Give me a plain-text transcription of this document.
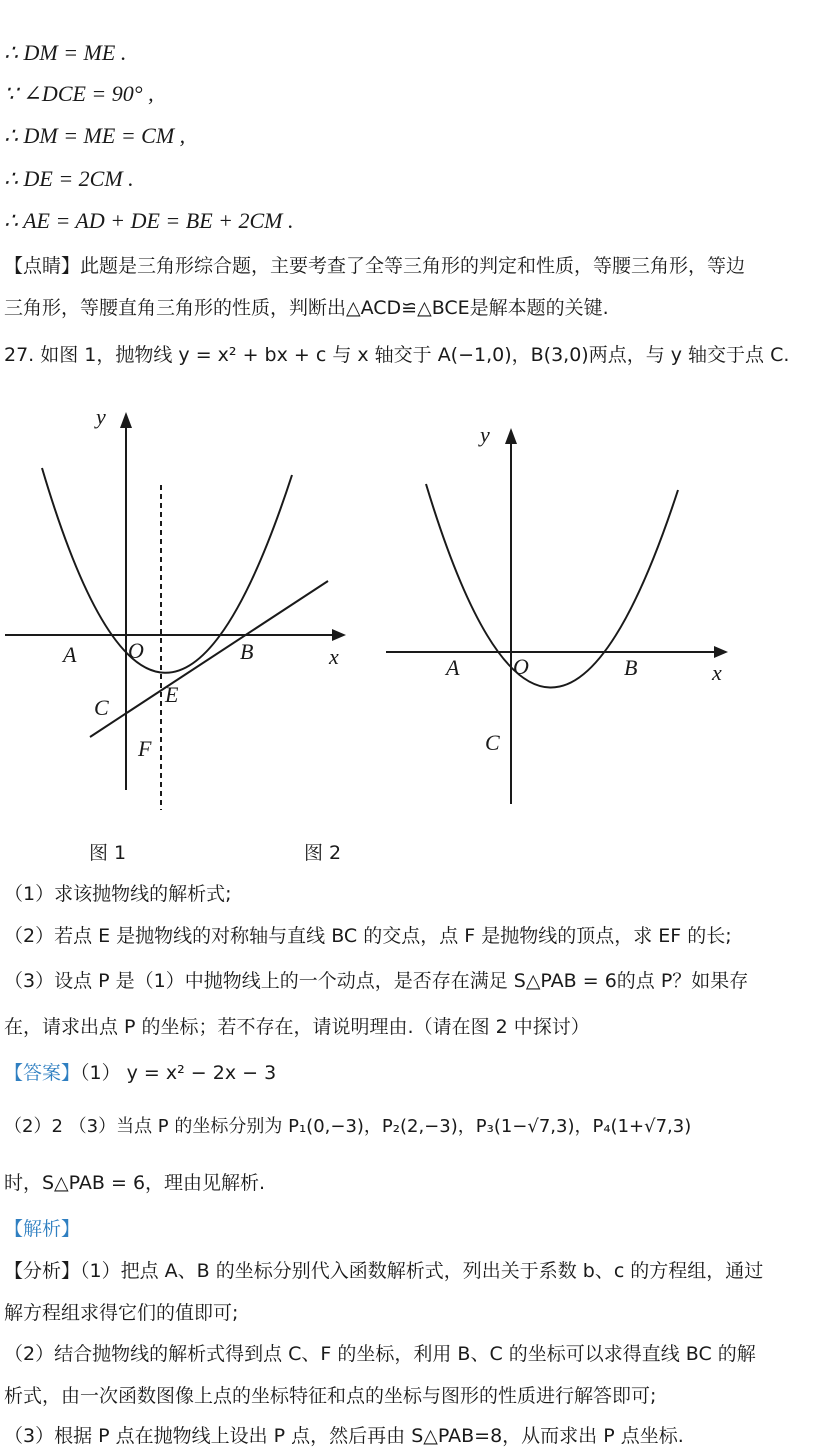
∴ DM = ME .
∵ ∠DCE = 90° ,
∴ DM = ME = CM ,
∴ DE = 2CM .
∴ AE = AD + DE = BE + 2CM .
【点睛】此题是三角形综合题，主要考查了全等三角形的判定和性质，等腰三角形，等边
三角形，等腰直角三角形的性质，判断出△ACD≌△BCE是解本题的关键.
27. 如图 1，抛物线 y = x² + bx + c 与 x 轴交于 A(−1,0)，B(3,0)两点，与 y 轴交于点 C.
y
x
A O	B
C
E
F
y
x
A O	B
C
图 1	图 2
（1）求该抛物线的解析式;
（2）若点 E 是抛物线的对称轴与直线 BC 的交点，点 F 是抛物线的顶点，求 EF 的长;
（3）设点 P 是（1）中抛物线上的一个动点，是否存在满足 S△PAB = 6的点 P？如果存
在，请求出点 P 的坐标；若不存在，请说明理由.（请在图 2 中探讨）
【答案】（1） y = x² − 2x − 3
（2）2 （3）当点 P 的坐标分别为 P₁(0,−3)，P₂(2,−3)，P₃(1−√7,3)，P₄(1+√7,3)
时，S△PAB = 6，理由见解析.
【解析】
【分析】（1）把点 A、B 的坐标分别代入函数解析式，列出关于系数 b、c 的方程组，通过
解方程组求得它们的值即可;
（2）结合抛物线的解析式得到点 C、F 的坐标，利用 B、C 的坐标可以求得直线 BC 的解
析式，由一次函数图像上点的坐标特征和点的坐标与图形的性质进行解答即可;
（3）根据 P 点在抛物线上设出 P 点，然后再由 S△PAB=8，从而求出 P 点坐标.
